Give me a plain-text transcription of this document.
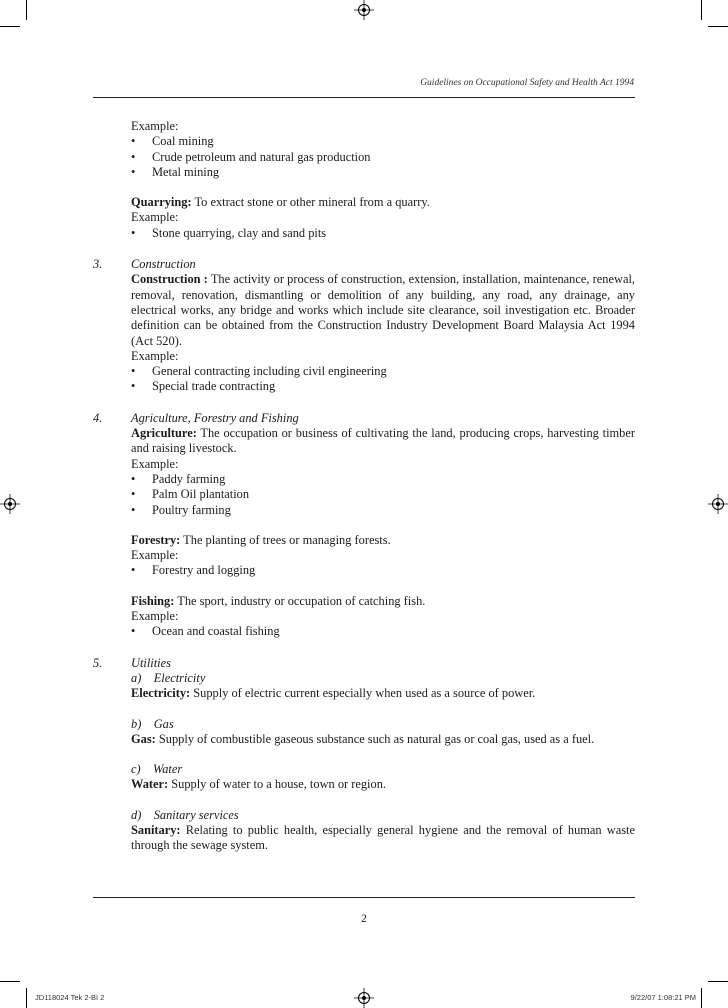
Guidelines on Occupational Safety and Health Act 1994

Example:

• Coal mining
• Crude petroleum and natural gas production
• Metal mining

Quarrying: To extract stone or other mineral from a quarry.

Example:

• Stone quarrying, clay and sand pits
3. Construction

Construction : The activity or process of construction, extension, installation, maintenance, renewal, removal, renovation, dismantling or demolition of any building, any road, any drainage, any electrical works, any bridge and works which include site clearance, soil investigation etc. Broader definition can be obtained from the Construction Industry Development Board Malaysia Act 1994 (Act 520).

Example:

• General contracting including civil engineering
• Special trade contracting
4. Agriculture, Forestry and Fishing

Agriculture: The occupation or business of cultivating the land, producing crops, harvesting timber and raising livestock.

Example:

• Paddy farming
• Palm Oil plantation
• Poultry farming

Forestry: The planting of trees or managing forests.

Example:

• Forestry and logging

Fishing: The sport, industry or occupation of catching fish.

Example:

• Ocean and coastal fishing
5. Utilities

a)    Electricity

Electricity: Supply of electric current especially when used as a source of power.

b)    Gas

Gas: Supply of combustible gaseous substance such as natural gas or coal gas, used as a fuel.

c)    Water

Water: Supply of water to a house, town or region.

d)    Sanitary services

Sanitary: Relating to public health, especially general hygiene and the removal of human waste through the sewage system.

2
JD118024 Tek 2-BI 2	9/22/07 1:08:21 PM
